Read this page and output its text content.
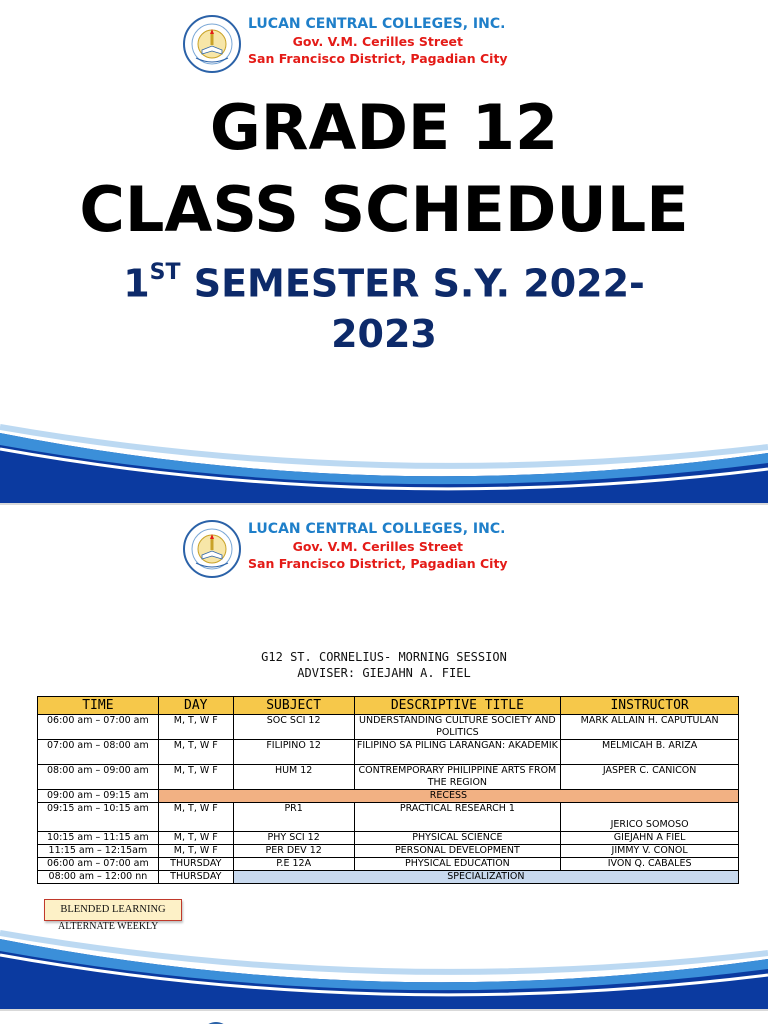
LUCAN CENTRAL COLLEGES, INC.
Gov. V.M. Cerilles Street
San Francisco District, Pagadian City
GRADE 12
CLASS SCHEDULE
1ST SEMESTER S.Y. 2022-
2023
LUCAN CENTRAL COLLEGES, INC.
Gov. V.M. Cerilles Street
San Francisco District, Pagadian City
G12 ST. CORNELIUS- MORNING SESSION
ADVISER: GIEJAHN A. FIEL
TIME	DAY	SUBJECT	DESCRIPTIVE TITLE	INSTRUCTOR
06:00 am – 07:00 am	M, T, W F	SOC SCI 12	UNDERSTANDING CULTURE SOCIETY AND POLITICS	MARK ALLAIN H. CAPUTULAN
07:00 am – 08:00 am	M, T, W F	FILIPINO 12	FILIPINO SA PILING LARANGAN: AKADEMIK	MELMICAH B. ARIZA
08:00 am – 09:00 am	M, T, W F	HUM 12	CONTREMPORARY PHILIPPINE ARTS FROM THE REGION	JASPER C. CANICON
09:00 am – 09:15 am	RECESS			
09:15 am – 10:15 am	M, T, W F	PR1	PRACTICAL RESEARCH 1	JERICO SOMOSO
10:15 am – 11:15 am	M, T, W F	PHY SCI 12	PHYSICAL SCIENCE	GIEJAHN A FIEL
11:15 am – 12:15am	M, T, W F	PER DEV 12	PERSONAL DEVELOPMENT	JIMMY V. CONOL
06:00 am – 07:00 am	THURSDAY	P.E 12A	PHYSICAL EDUCATION	IVON Q. CABALES
08:00 am – 12:00 nn	THURSDAY	SPECIALIZATION		
BLENDED LEARNING
ALTERNATE WEEKLY
